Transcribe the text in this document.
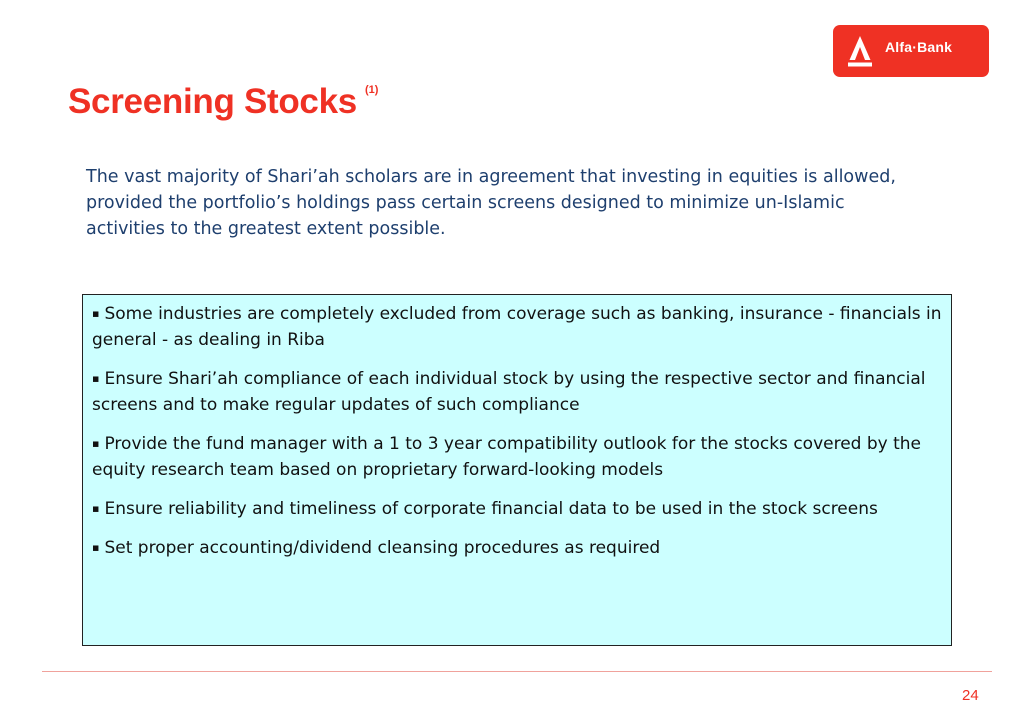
Alfa·Bank
Screening Stocks $^{(1)}$
The vast majority of Shari’ah scholars are in agreement that investing in equities is allowed, provided the portfolio’s holdings pass certain screens designed to minimize un-Islamic activities to the greatest extent possible.
▪ Some industries are completely excluded from coverage such as banking, insurance - financials in general - as dealing in Riba
▪ Ensure Shari’ah compliance of each individual stock by using the respective sector and financial screens and to make regular updates of such compliance
▪ Provide the fund manager with a 1 to 3 year compatibility outlook for the stocks covered by the equity research team based on proprietary forward-looking models
▪ Ensure reliability and timeliness of corporate financial data to be used in the stock screens
▪ Set proper accounting/dividend cleansing procedures as required
24
